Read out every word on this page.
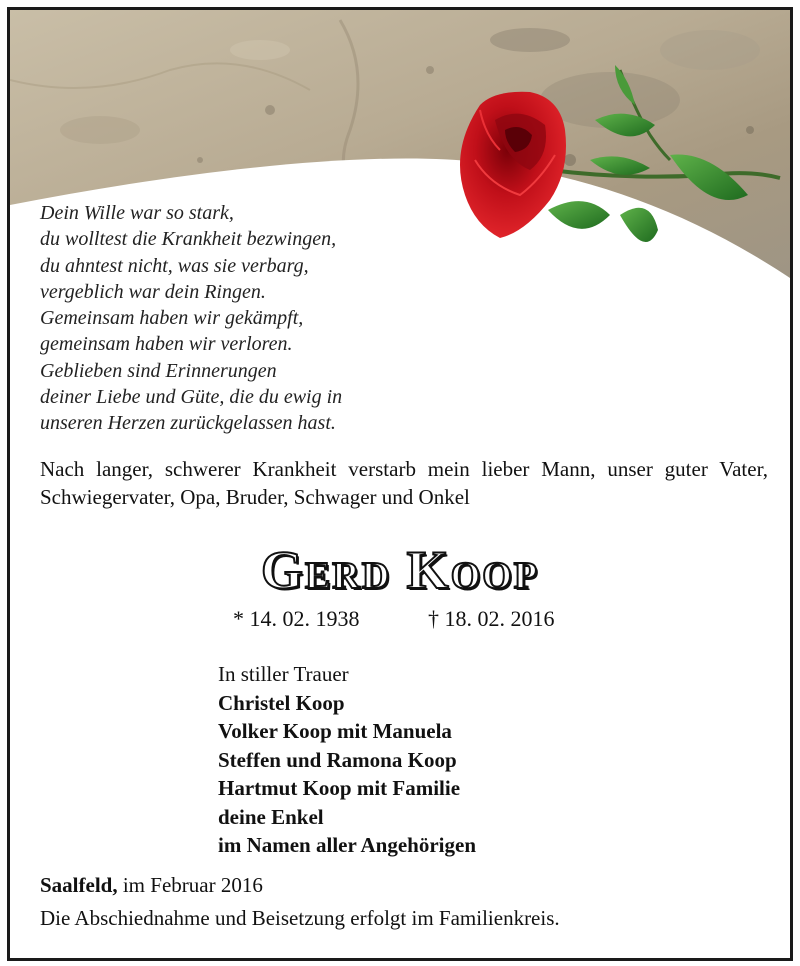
Dein Wille war so stark,
du wolltest die Krankheit bezwingen,
du ahntest nicht, was sie verbarg,
vergeblich war dein Ringen.
Gemeinsam haben wir gekämpft,
gemeinsam haben wir verloren.
Geblieben sind Erinnerungen
deiner Liebe und Güte, die du ewig in
unseren Herzen zurückgelassen hast.
Nach langer, schwerer Krankheit verstarb mein lieber Mann, unser guter Vater, Schwiegervater, Opa, Bruder, Schwager und Onkel
Gerd Koop
* 14. 02. 1938	† 18. 02. 2016
In stiller Trauer
Christel Koop
Volker Koop mit Manuela
Steffen und Ramona Koop
Hartmut Koop mit Familie
deine Enkel
im Namen aller Angehörigen
Saalfeld, im Februar 2016
Die Abschiednahme und Beisetzung erfolgt im Familienkreis.
